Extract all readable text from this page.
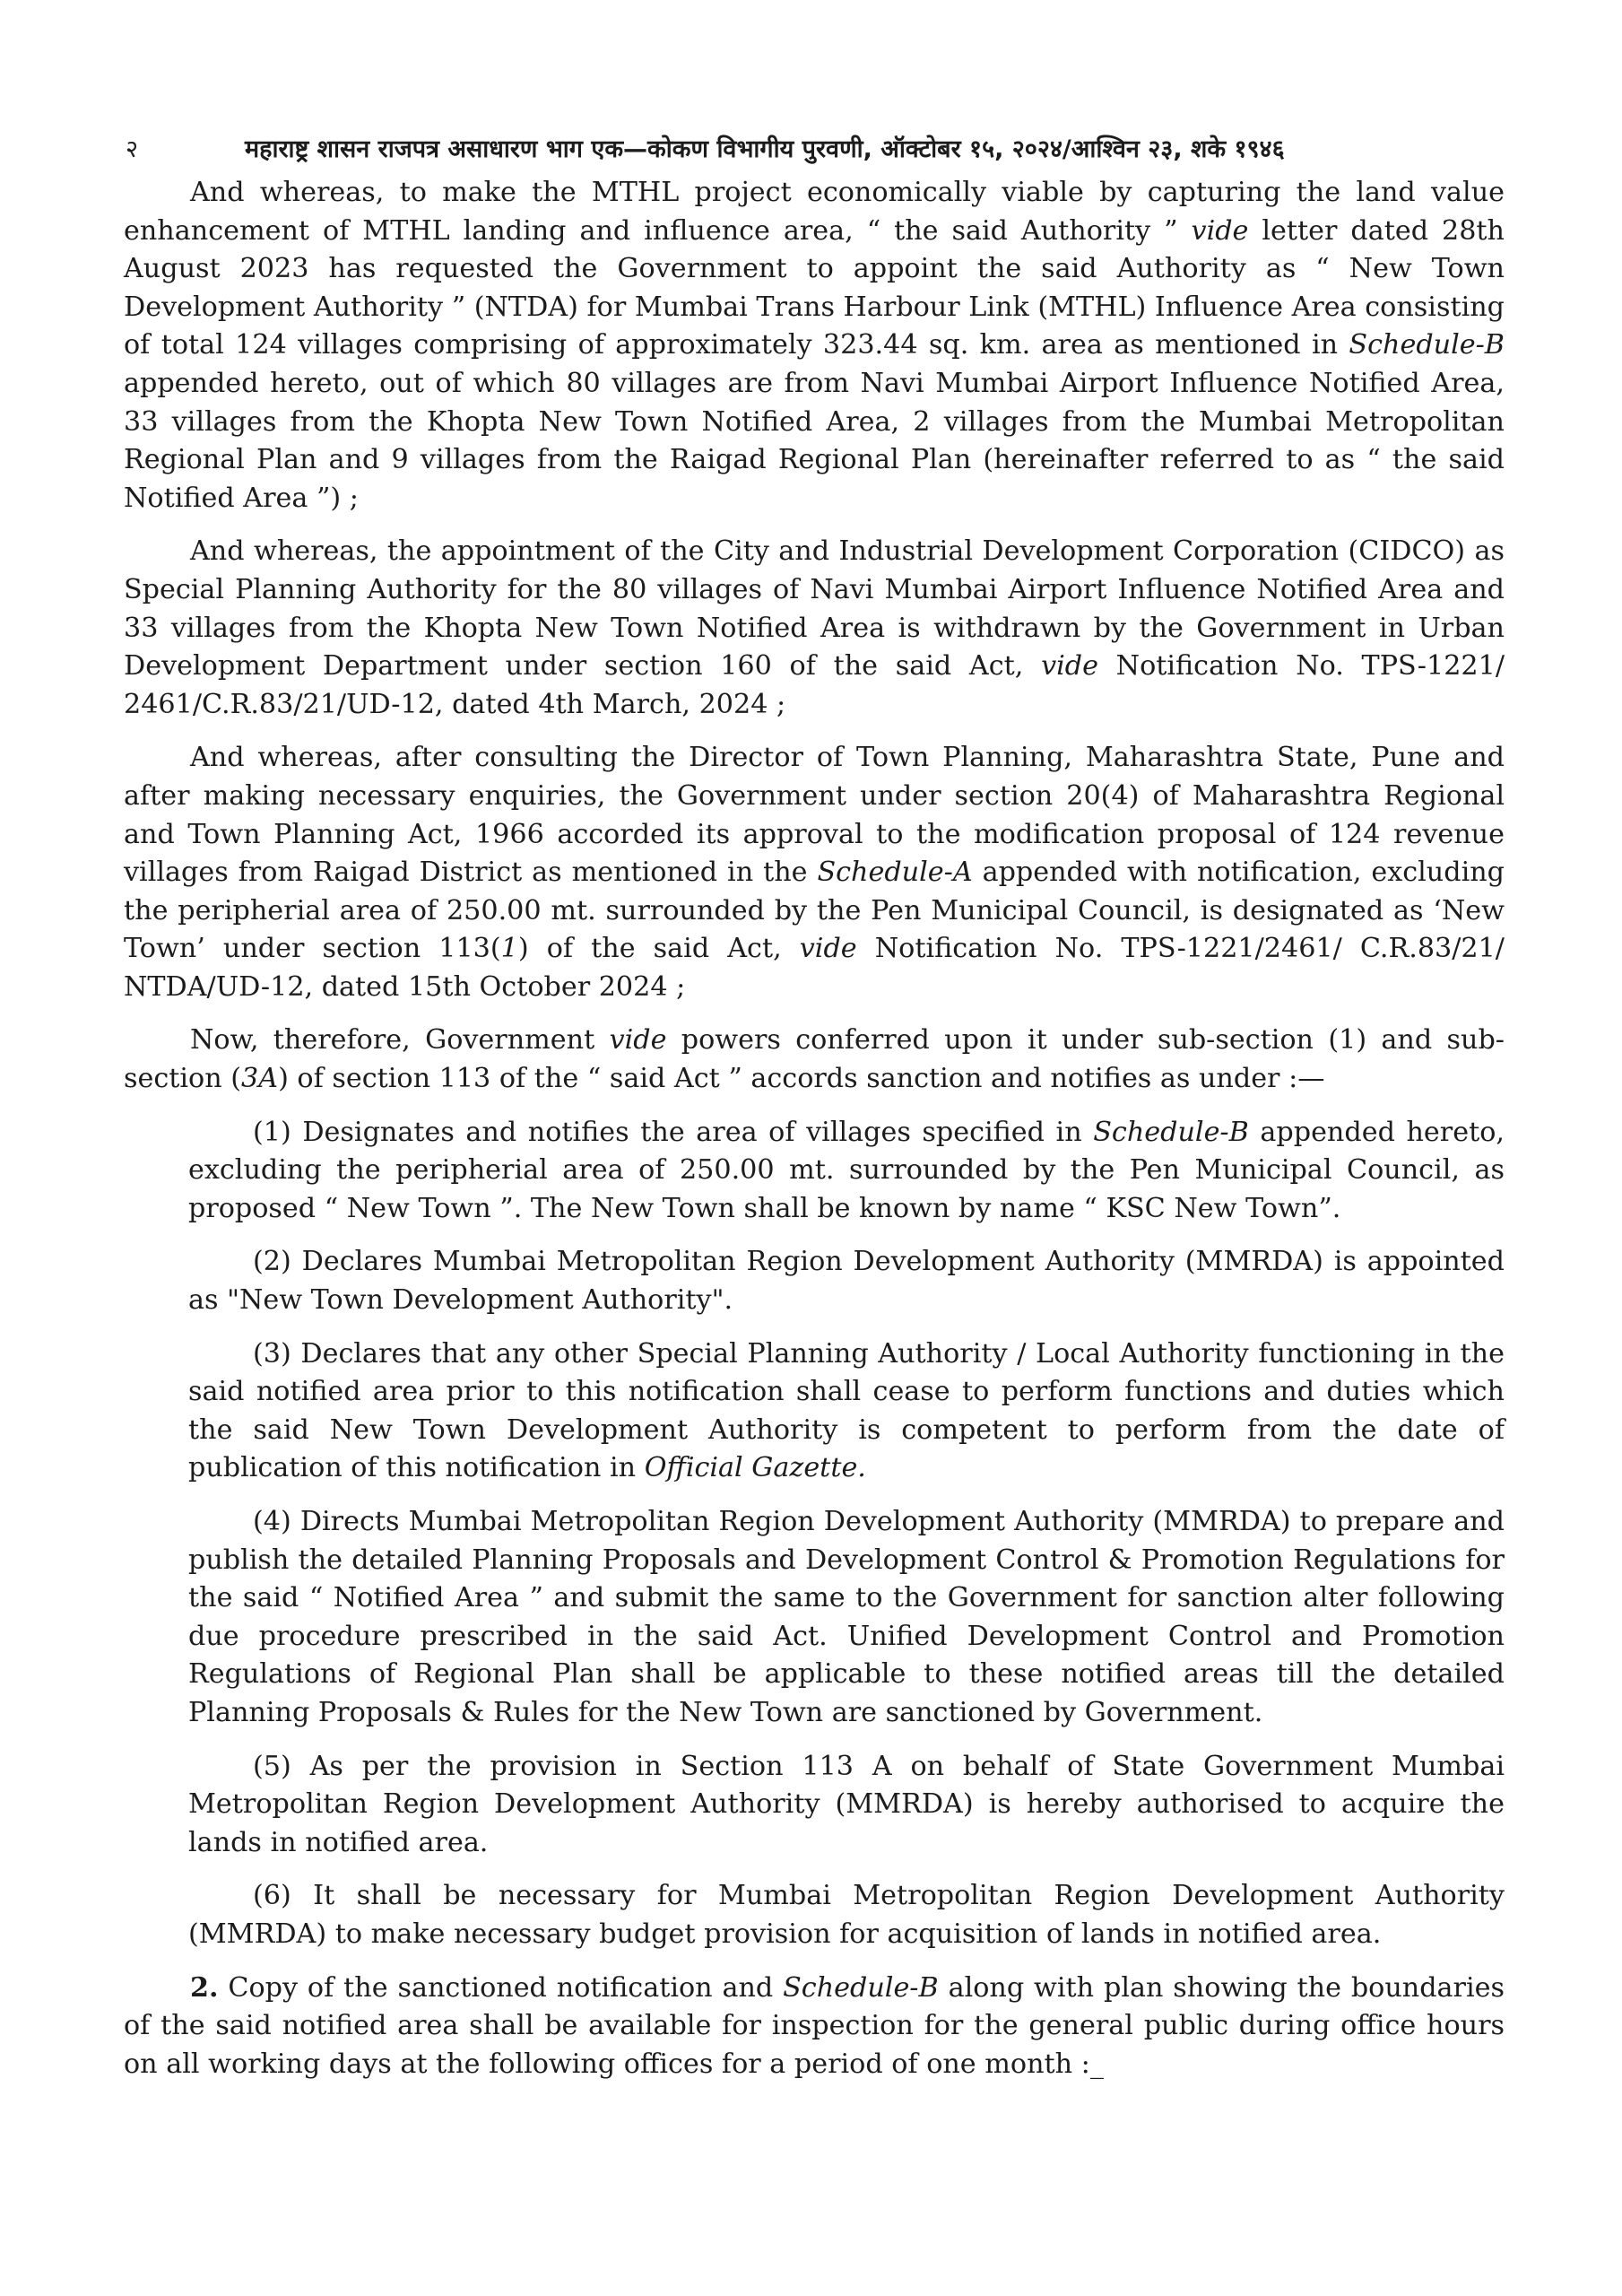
२	महाराष्ट्र शासन राजपत्र असाधारण भाग एक—कोकण विभागीय पुरवणी, ऑक्टोबर १५, २०२४/आश्विन २३, शके १९४६

And whereas, to make the MTHL project economically viable by capturing the land value enhancement of MTHL landing and influence area, “ the said Authority ” vide letter dated 28th August 2023 has requested the Government to appoint the said Authority as “ New Town Development Authority ” (NTDA) for Mumbai Trans Harbour Link (MTHL) Influence Area consisting of total 124 villages comprising of approximately 323.44 sq. km. area as mentioned in Schedule-B appended hereto, out of which 80 villages are from Navi Mumbai Airport Influence Notified Area, 33 villages from the Khopta New Town Notified Area, 2 villages from the Mumbai Metropolitan Regional Plan and 9 villages from the Raigad Regional Plan (hereinafter referred to as “ the said Notified Area ”) ;

And whereas, the appointment of the City and Industrial Development Corporation (CIDCO) as Special Planning Authority for the 80 villages of Navi Mumbai Airport Influence Notified Area and 33 villages from the Khopta New Town Notified Area is withdrawn by the Government in Urban Development Department under section 160 of the said Act, vide Notification No. TPS-1221/ 2461/C.R.83/21/UD-12, dated 4th March, 2024 ;

And whereas, after consulting the Director of Town Planning, Maharashtra State, Pune and after making necessary enquiries, the Government under section 20(4) of Maharashtra Regional and Town Planning Act, 1966 accorded its approval to the modification proposal of 124 revenue villages from Raigad District as mentioned in the Schedule-A appended with notification, excluding the peripherial area of 250.00 mt. surrounded by the Pen Municipal Council, is designated as ‘New Town’ under section 113(1) of the said Act, vide Notification No. TPS-1221/2461/ C.R.83/21/ NTDA/UD-12, dated 15th October 2024 ;

Now, therefore, Government vide powers conferred upon it under sub-section (1) and sub-section (3A) of section 113 of the “ said Act ” accords sanction and notifies as under :—

(1) Designates and notifies the area of villages specified in Schedule-B appended hereto, excluding the peripherial area of 250.00 mt. surrounded by the Pen Municipal Council, as proposed “ New Town ”. The New Town shall be known by name “ KSC New Town”.

(2) Declares Mumbai Metropolitan Region Development Authority (MMRDA) is appointed as "New Town Development Authority".

(3) Declares that any other Special Planning Authority / Local Authority functioning in the said notified area prior to this notification shall cease to perform functions and duties which the said New Town Development Authority is competent to perform from the date of publication of this notification in Official Gazette.

(4) Directs Mumbai Metropolitan Region Development Authority (MMRDA) to prepare and publish the detailed Planning Proposals and Development Control & Promotion Regulations for the said “ Notified Area ” and submit the same to the Government for sanction alter following due procedure prescribed in the said Act. Unified Development Control and Promotion Regulations of Regional Plan shall be applicable to these notified areas till the detailed Planning Proposals & Rules for the New Town are sanctioned by Government.

(5) As per the provision in Section 113 A on behalf of State Government Mumbai Metropolitan Region Development Authority (MMRDA) is hereby authorised to acquire the lands in notified area.

(6) It shall be necessary for Mumbai Metropolitan Region Development Authority (MMRDA) to make necessary budget provision for acquisition of lands in notified area.

2. Copy of the sanctioned notification and Schedule-B along with plan showing the boundaries of the said notified area shall be available for inspection for the general public during office hours on all working days at the following offices for a period of one month :_
